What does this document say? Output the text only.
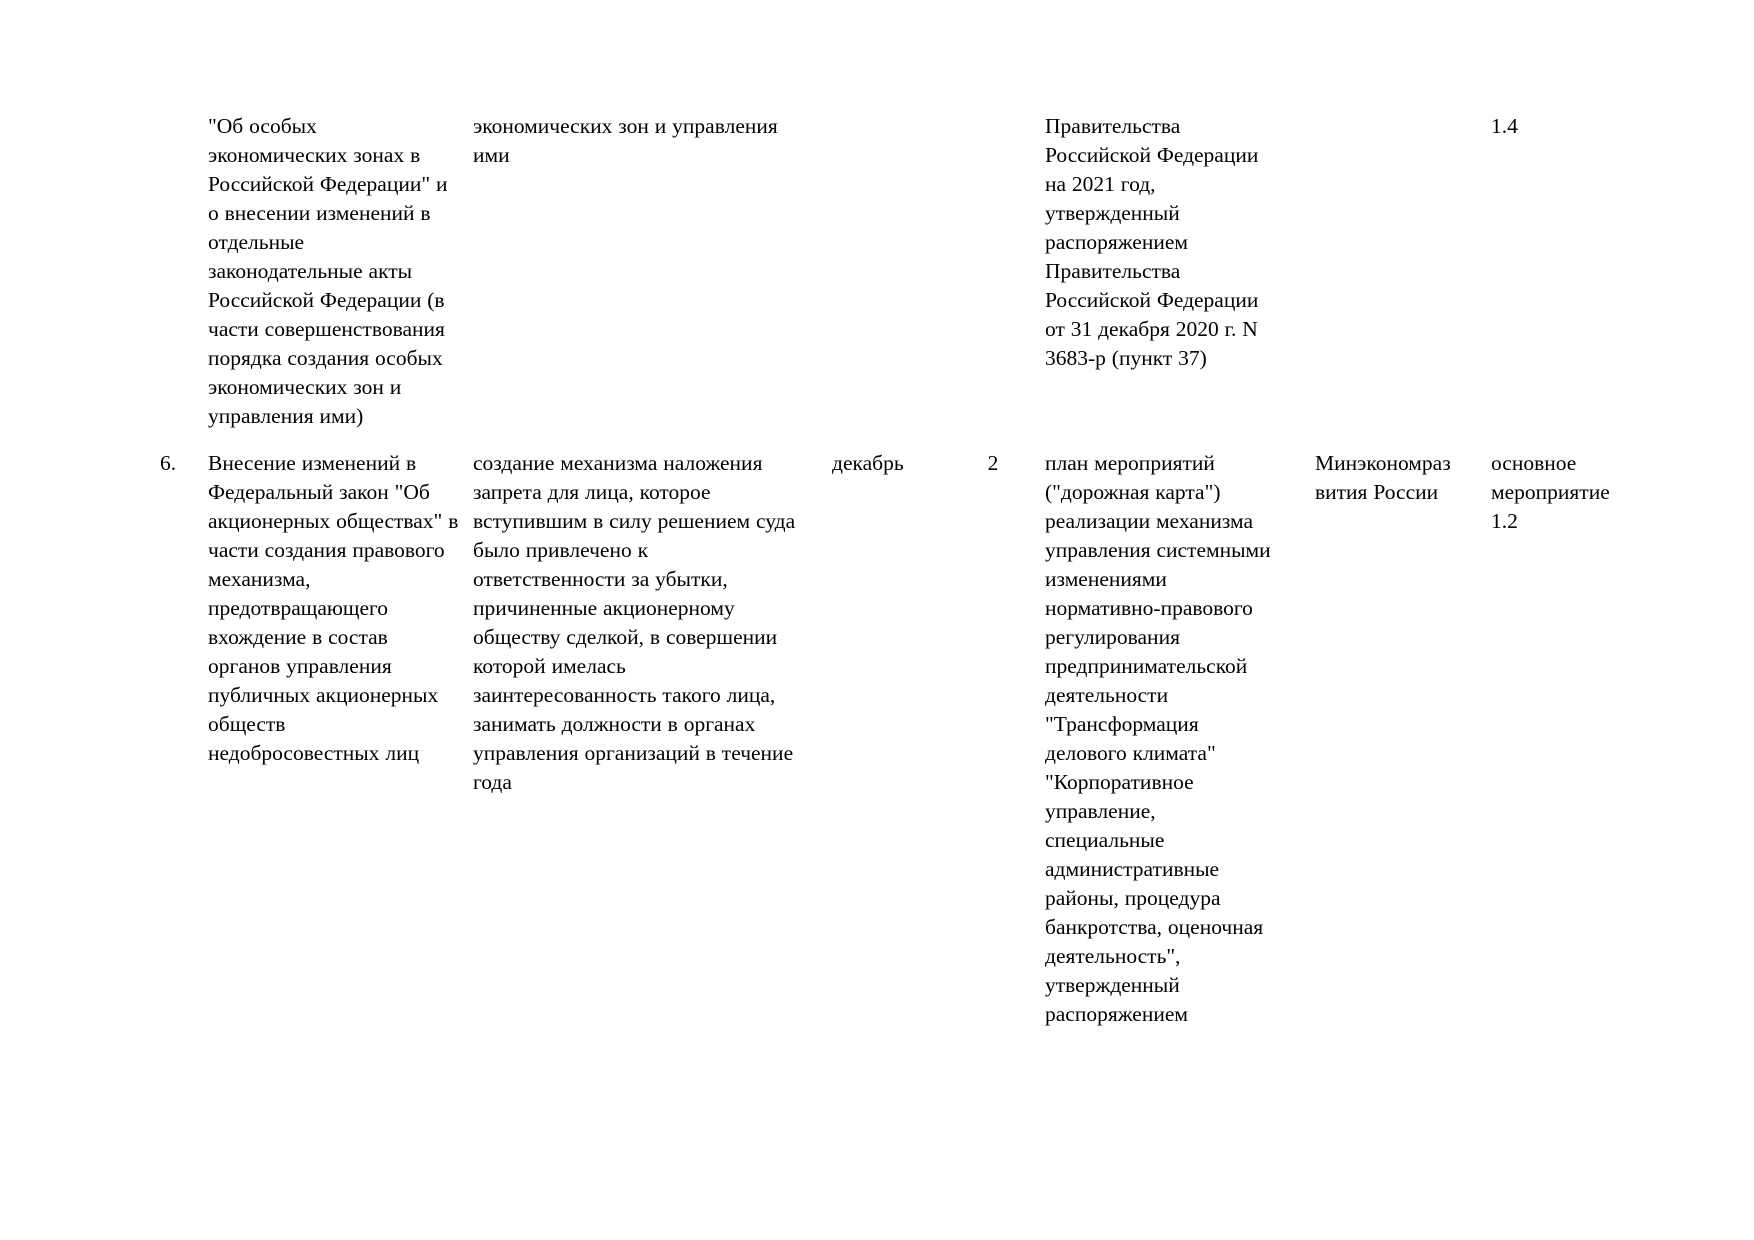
	"Об особых экономических зонах в Российской Федерации" и о внесении изменений в отдельные законодательные акты Российской Федерации (в части совершенствования порядка создания особых экономических зон и управления ими)	экономических зон и управления ими			Правительства Российской Федерации на 2021 год, утвержденный распоряжением Правительства Российской Федерации от 31 декабря 2020 г. N 3683-р (пункт 37)		1.4
6.	Внесение изменений в Федеральный закон "Об акционерных обществах" в части создания правового механизма, предотвращающего вхождение в состав органов управления публичных акционерных обществ недобросовестных лиц	создание механизма наложения запрета для лица, которое вступившим в силу решением суда было привлечено к ответственности за убытки, причиненные акционерному обществу сделкой, в совершении которой имелась заинтересованность такого лица, занимать должности в органах управления организаций в течение года	декабрь	2	план мероприятий ("дорожная карта") реализации механизма управления системными изменениями нормативно-правового регулирования предпринимательской деятельности "Трансформация делового климата" "Корпоративное управление, специальные административные районы, процедура банкротства, оценочная деятельность", утвержденный распоряжением	Минэкономразвития России	основное мероприятие 1.2
